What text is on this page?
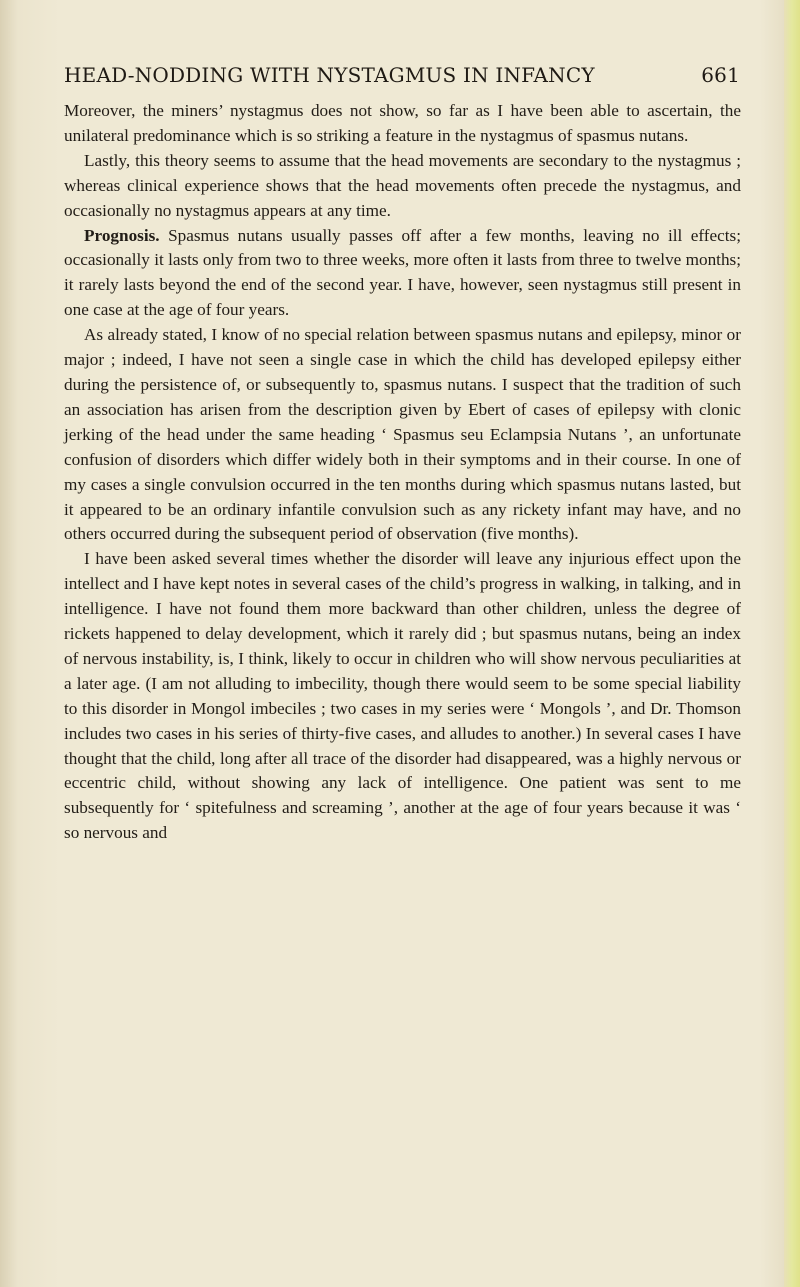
HEAD-NODDING WITH NYSTAGMUS IN INFANCY	661

Moreover, the miners’ nystagmus does not show, so far as I have been able to ascertain, the unilateral predominance which is so striking a feature in the nystagmus of spasmus nutans.

Lastly, this theory seems to assume that the head movements are secondary to the nystagmus ; whereas clinical experience shows that the head movements often precede the nystagmus, and occasionally no nystagmus appears at any time.

Prognosis. Spasmus nutans usually passes off after a few months, leaving no ill effects; occasionally it lasts only from two to three weeks, more often it lasts from three to twelve months; it rarely lasts beyond the end of the second year. I have, however, seen nystagmus still present in one case at the age of four years.

As already stated, I know of no special relation between spasmus nutans and epilepsy, minor or major ; indeed, I have not seen a single case in which the child has developed epilepsy either during the persistence of, or subsequently to, spasmus nutans. I suspect that the tradition of such an association has arisen from the description given by Ebert of cases of epilepsy with clonic jerking of the head under the same heading ‘ Spasmus seu Eclampsia Nutans ’, an unfortunate confusion of disorders which differ widely both in their symptoms and in their course. In one of my cases a single convulsion occurred in the ten months during which spasmus nutans lasted, but it appeared to be an ordinary infantile convulsion such as any rickety infant may have, and no others occurred during the subsequent period of observation (five months).

I have been asked several times whether the disorder will leave any injurious effect upon the intellect and I have kept notes in several cases of the child’s progress in walking, in talking, and in intelligence. I have not found them more backward than other children, unless the degree of rickets happened to delay development, which it rarely did ; but spasmus nutans, being an index of nervous instability, is, I think, likely to occur in children who will show nervous peculiarities at a later age. (I am not alluding to imbecility, though there would seem to be some special liability to this disorder in Mongol imbeciles ; two cases in my series were ‘ Mongols ’, and Dr. Thomson includes two cases in his series of thirty-five cases, and alludes to another.) In several cases I have thought that the child, long after all trace of the disorder had disappeared, was a highly nervous or eccentric child, without showing any lack of intelligence. One patient was sent to me subsequently for ‘ spitefulness and screaming ’, another at the age of four years because it was ‘ so nervous and
